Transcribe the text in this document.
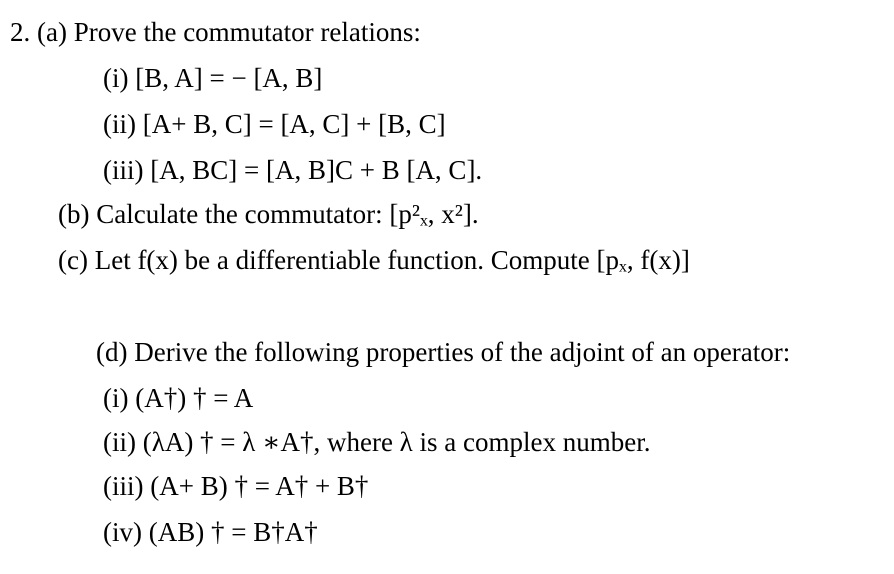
2. (a) Prove the commutator relations:
(i) [B, A] = − [A, B]
(ii) [A+ B, C] = [A, C] + [B, C]
(iii) [A, BC] = [A, B]C + B [A, C].
(b) Calculate the commutator: [p²ₓ, x²].
(c) Let f(x) be a differentiable function. Compute [pₓ, f(x)]
(d) Derive the following properties of the adjoint of an operator:
(i) (A†) † = A
(ii) (λA) † = λ ∗A†, where λ is a complex number.
(iii) (A+ B) † = A† + B†
(iv) (AB) † = B†A†
